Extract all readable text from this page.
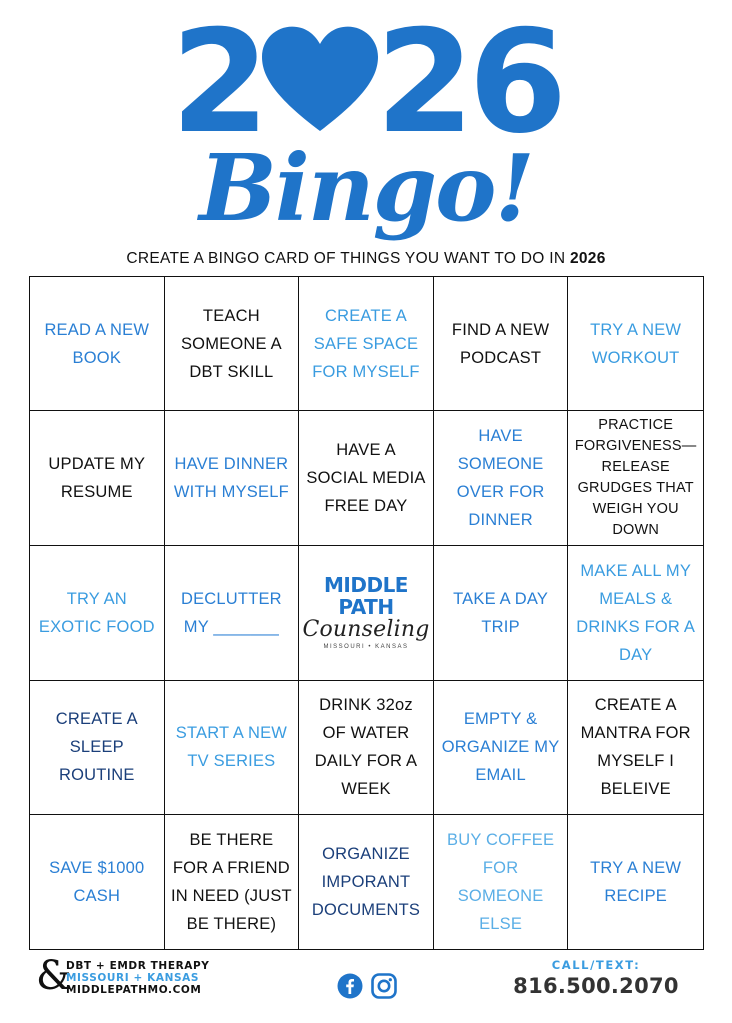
2 26
Bingo!
CREATE A BINGO CARD OF THINGS YOU WANT TO DO IN 2026
READ A NEW BOOK
TEACH SOMEONE A DBT SKILL
CREATE A SAFE SPACE FOR MYSELF
FIND A NEW PODCAST
TRY A NEW WORKOUT
UPDATE MY RESUME
HAVE DINNER WITH MYSELF
HAVE A SOCIAL MEDIA FREE DAY
HAVE SOMEONE OVER FOR DINNER
PRACTICE FORGIVENESS—RELEASE GRUDGES THAT WEIGH YOU DOWN
TRY AN EXOTIC FOOD
DECLUTTER MY _______
MIDDLE PATH
Counseling
MISSOURI • KANSAS
TAKE A DAY TRIP
MAKE ALL MY MEALS & DRINKS FOR A DAY
CREATE A SLEEP ROUTINE
START A NEW TV SERIES
DRINK 32oz OF WATER DAILY FOR A WEEK
EMPTY & ORGANIZE MY EMAIL
CREATE A MANTRA FOR MYSELF I BELEIVE
SAVE $1000 CASH
BE THERE FOR A FRIEND IN NEED (JUST BE THERE)
ORGANIZE IMPORANT DOCUMENTS
BUY COFFEE FOR SOMEONE ELSE
TRY A NEW RECIPE
&
DBT + EMDR THERAPY
MISSOURI + KANSAS
MIDDLEPATHMO.COM
CALL/TEXT:
816.500.2070
